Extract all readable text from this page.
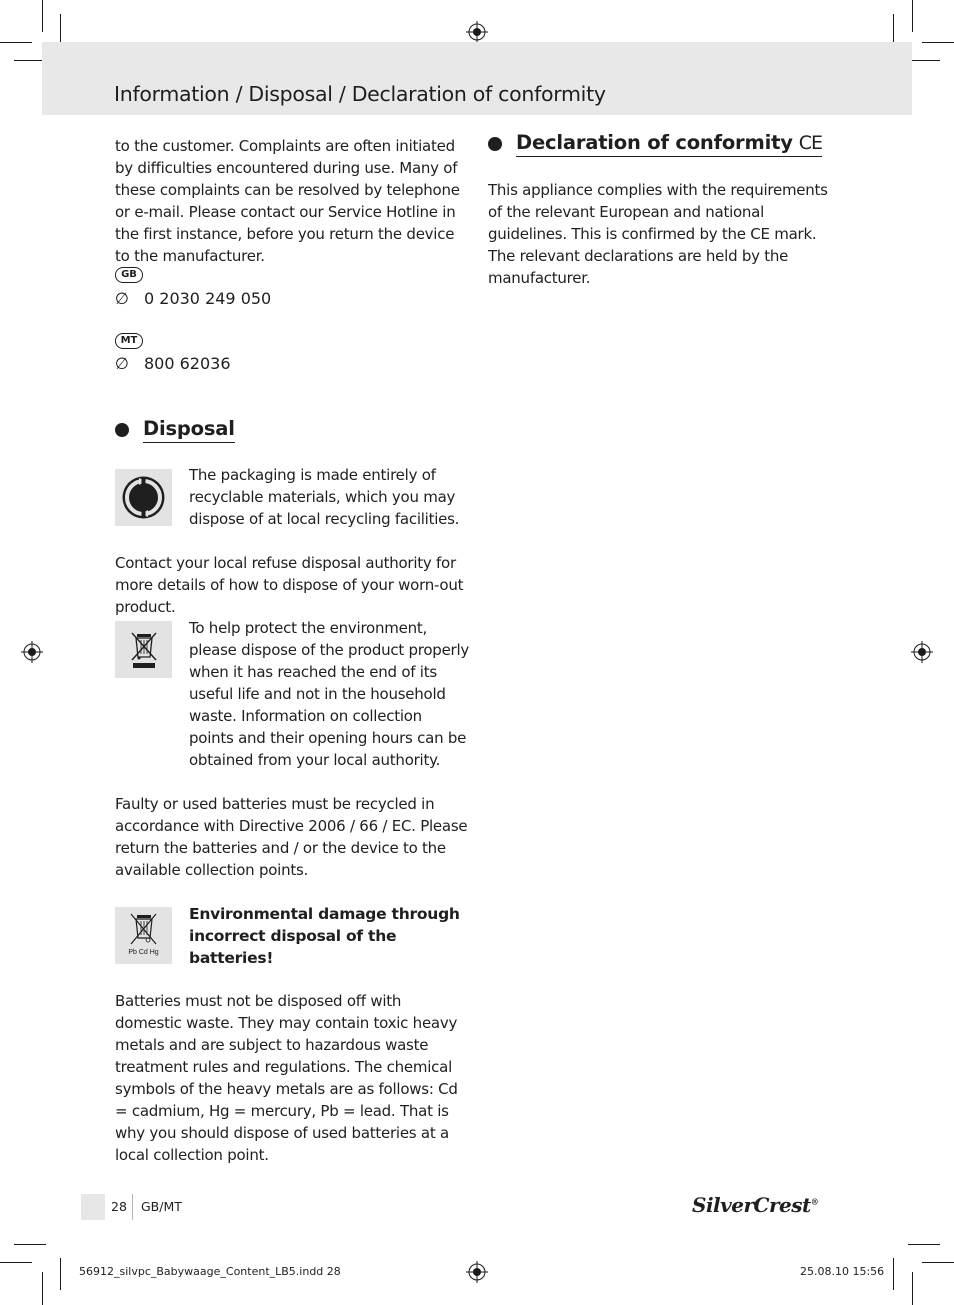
Information / Disposal / Declaration of conformity

to the customer. Complaints are often initiated by difficulties encountered during use. Many of these complaints can be resolved by telephone or e-mail. Please contact our Service Hotline in the first instance, before you return the device to the manufacturer.

GB
∅ 0 2030 249 050
MT
∅ 800 62036
Disposal

The packaging is made entirely of recyclable materials, which you may dispose of at local recycling facilities.

Contact your local refuse disposal authority for more details of how to dispose of your worn-out product.

To help protect the environment, please dispose of the product properly when it has reached the end of its useful life and not in the household waste. Information on collection points and their opening hours can be obtained from your local authority.

Faulty or used batteries must be recycled in accordance with Directive 2006 / 66 / EC. Please return the batteries and / or the device to the available collection points.

Pb Cd Hg

Environmental damage through incorrect disposal of the batteries!

Batteries must not be disposed off with domestic waste. They may contain toxic heavy metals and are subject to hazardous waste treatment rules and regulations. The chemical symbols of the heavy metals are as follows: Cd = cadmium, Hg = mercury, Pb = lead. That is why you should dispose of used batteries at a local collection point.

Declaration of conformity CE

This appliance complies with the requirements of the relevant European and national guidelines. This is confirmed by the CE mark. The relevant declarations are held by the manufacturer.

28 GB/MT	SilverCrest®
56912_silvpc_Babywaage_Content_LB5.indd 28	25.08.10 15:56
